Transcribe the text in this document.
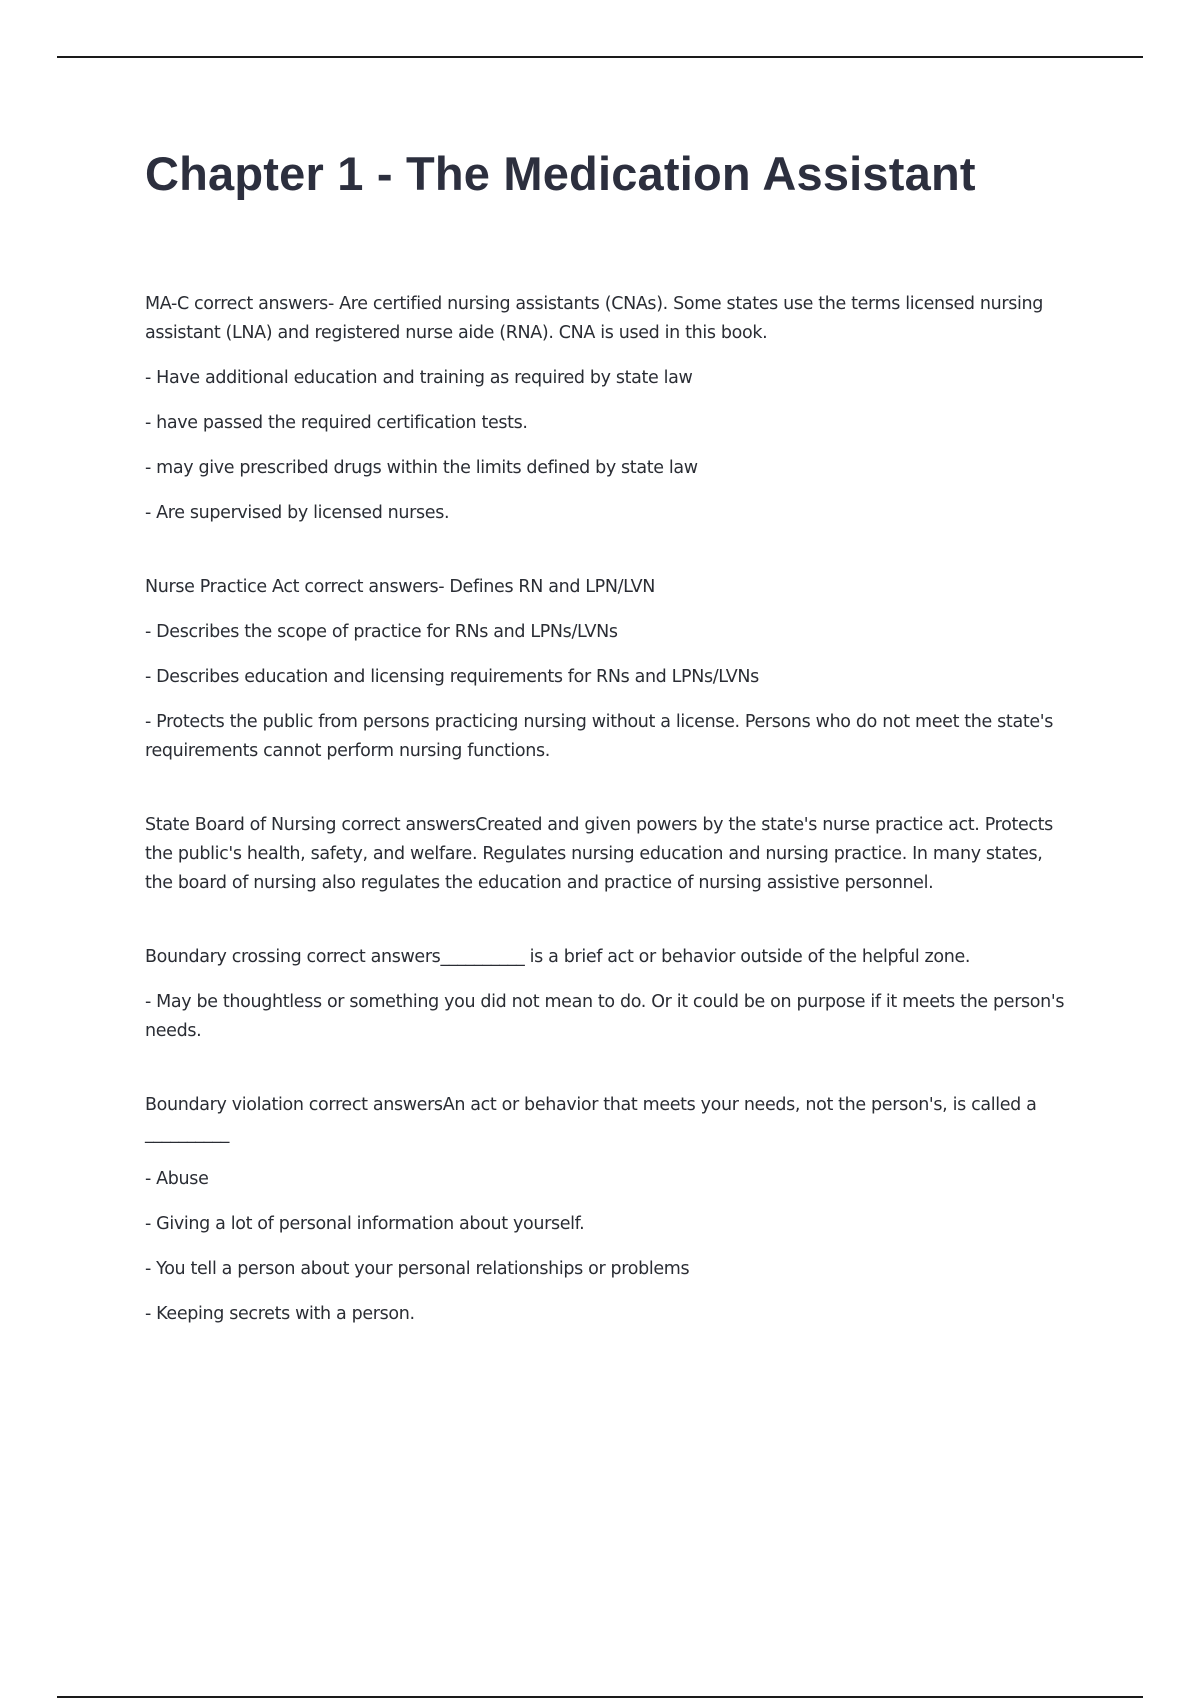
Chapter 1 - The Medication Assistant

MA-C correct answers- Are certified nursing assistants (CNAs). Some states use the terms licensed nursing assistant (LNA) and registered nurse aide (RNA). CNA is used in this book.

- Have additional education and training as required by state law

- have passed the required certification tests.

- may give prescribed drugs within the limits defined by state law

- Are supervised by licensed nurses.

Nurse Practice Act correct answers- Defines RN and LPN/LVN

- Describes the scope of practice for RNs and LPNs/LVNs

- Describes education and licensing requirements for RNs and LPNs/LVNs

- Protects the public from persons practicing nursing without a license. Persons who do not meet the state's requirements cannot perform nursing functions.

State Board of Nursing correct answersCreated and given powers by the state's nurse practice act. Protects the public's health, safety, and welfare. Regulates nursing education and nursing practice. In many states, the board of nursing also regulates the education and practice of nursing assistive personnel.

Boundary crossing correct answers__________ is a brief act or behavior outside of the helpful zone.

- May be thoughtless or something you did not mean to do. Or it could be on purpose if it meets the person's needs.

Boundary violation correct answersAn act or behavior that meets your needs, not the person's, is called a __________

- Abuse

- Giving a lot of personal information about yourself.

- You tell a person about your personal relationships or problems

- Keeping secrets with a person.
